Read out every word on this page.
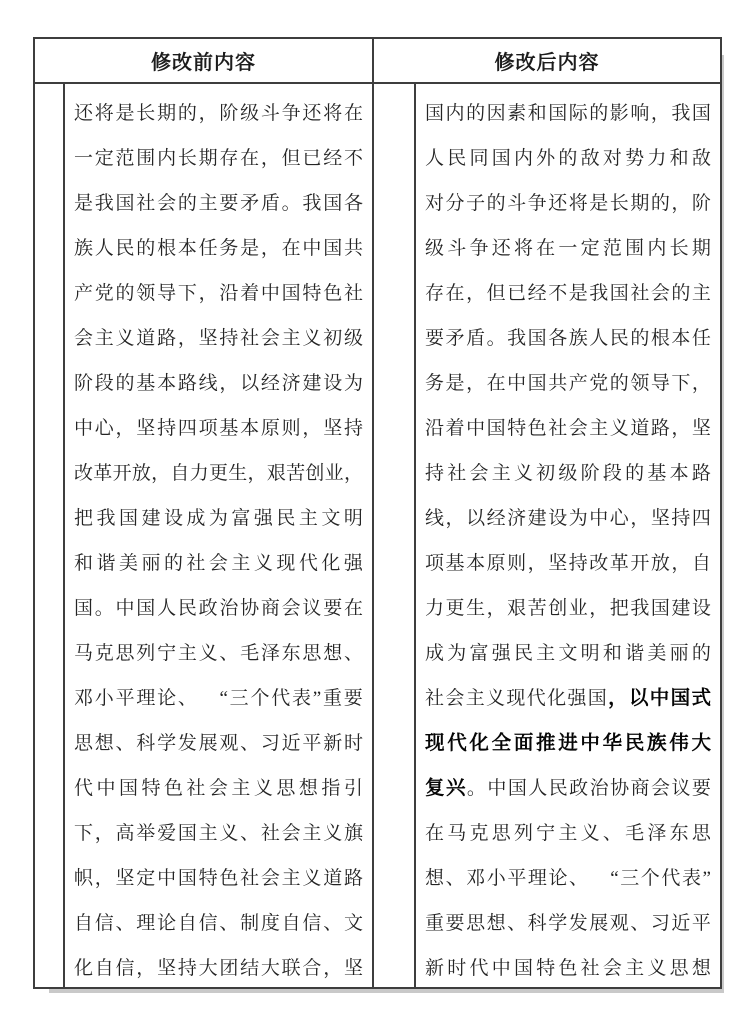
修改前内容	修改后内容
还 将 是 长 期 的 ， 阶 级 斗 争 还 将 在
一 定 范 围 内 长 期 存 在 ， 但 已 经 不
是 我 国 社 会 的 主 要 矛 盾 。 我 国 各
族 人 民 的 根 本 任 务 是 ， 在 中 国 共
产 党 的 领 导 下 ， 沿 着 中 国 特 色 社
会 主 义 道 路 ， 坚 持 社 会 主 义 初 级
阶 段 的 基 本 路 线 ， 以 经 济 建 设 为
中 心 ， 坚 持 四 项 基 本 原 则 ， 坚 持
改 革 开 放 ， 自 力 更 生 ， 艰 苦 创 业 ，
把 我 国 建 设 成 为 富 强 民 主 文 明
和 谐 美 丽 的 社 会 主 义 现 代 化 强
国 。 中 国 人 民 政 治 协 商 会 议 要 在
马 克 思 列 宁 主 义 、 毛 泽 东 思 想 、
邓 小 平 理 论 、
　 “ 三 个 代 表 ” 重 要
思 想 、 科 学 发 展 观 、 习 近 平 新 时
代 中 国 特 色 社 会 主 义 思 想 指 引
下 ， 高 举 爱 国 主 义 、 社 会 主 义 旗
帜 ， 坚 定 中 国 特 色 社 会 主 义 道 路
自 信 、 理 论 自 信 、 制 度 自 信 、 文
化 自 信 ， 坚 持 大 团 结 大 联 合 ， 坚
国 内 的 因 素 和 国 际 的 影 响 ， 我 国
人 民 同 国 内 外 的 敌 对 势 力 和 敌
对 分 子 的 斗 争 还 将 是 长 期 的 ， 阶
级 斗 争 还 将 在 一 定 范 围 内 长 期
存 在 ， 但 已 经 不 是 我 国 社 会 的 主
要 矛 盾 。 我 国 各 族 人 民 的 根 本 任
务 是 ， 在 中 国 共 产 党 的 领 导 下 ，
沿 着 中 国 特 色 社 会 主 义 道 路 ， 坚
持 社 会 主 义 初 级 阶 段 的 基 本 路
线 ， 以 经 济 建 设 为 中 心 ， 坚 持 四
项 基 本 原 则 ， 坚 持 改 革 开 放 ， 自
力 更 生 ， 艰 苦 创 业 ， 把 我 国 建 设
成 为 富 强 民 主 文 明 和 谐 美 丽 的
社 会 主 义 现 代 化 强 国 ， 以 中 国 式
现 代 化 全 面 推 进 中 华 民 族 伟 大
复 兴 。 中 国 人 民 政 治 协 商 会 议 要
在 马 克 思 列 宁 主 义 、 毛 泽 东 思
想 、 邓 小 平 理 论 、
　 “ 三 个 代 表 ”
重 要 思 想 、 科 学 发 展 观 、 习 近 平
新 时 代 中 国 特 色 社 会 主 义 思 想
